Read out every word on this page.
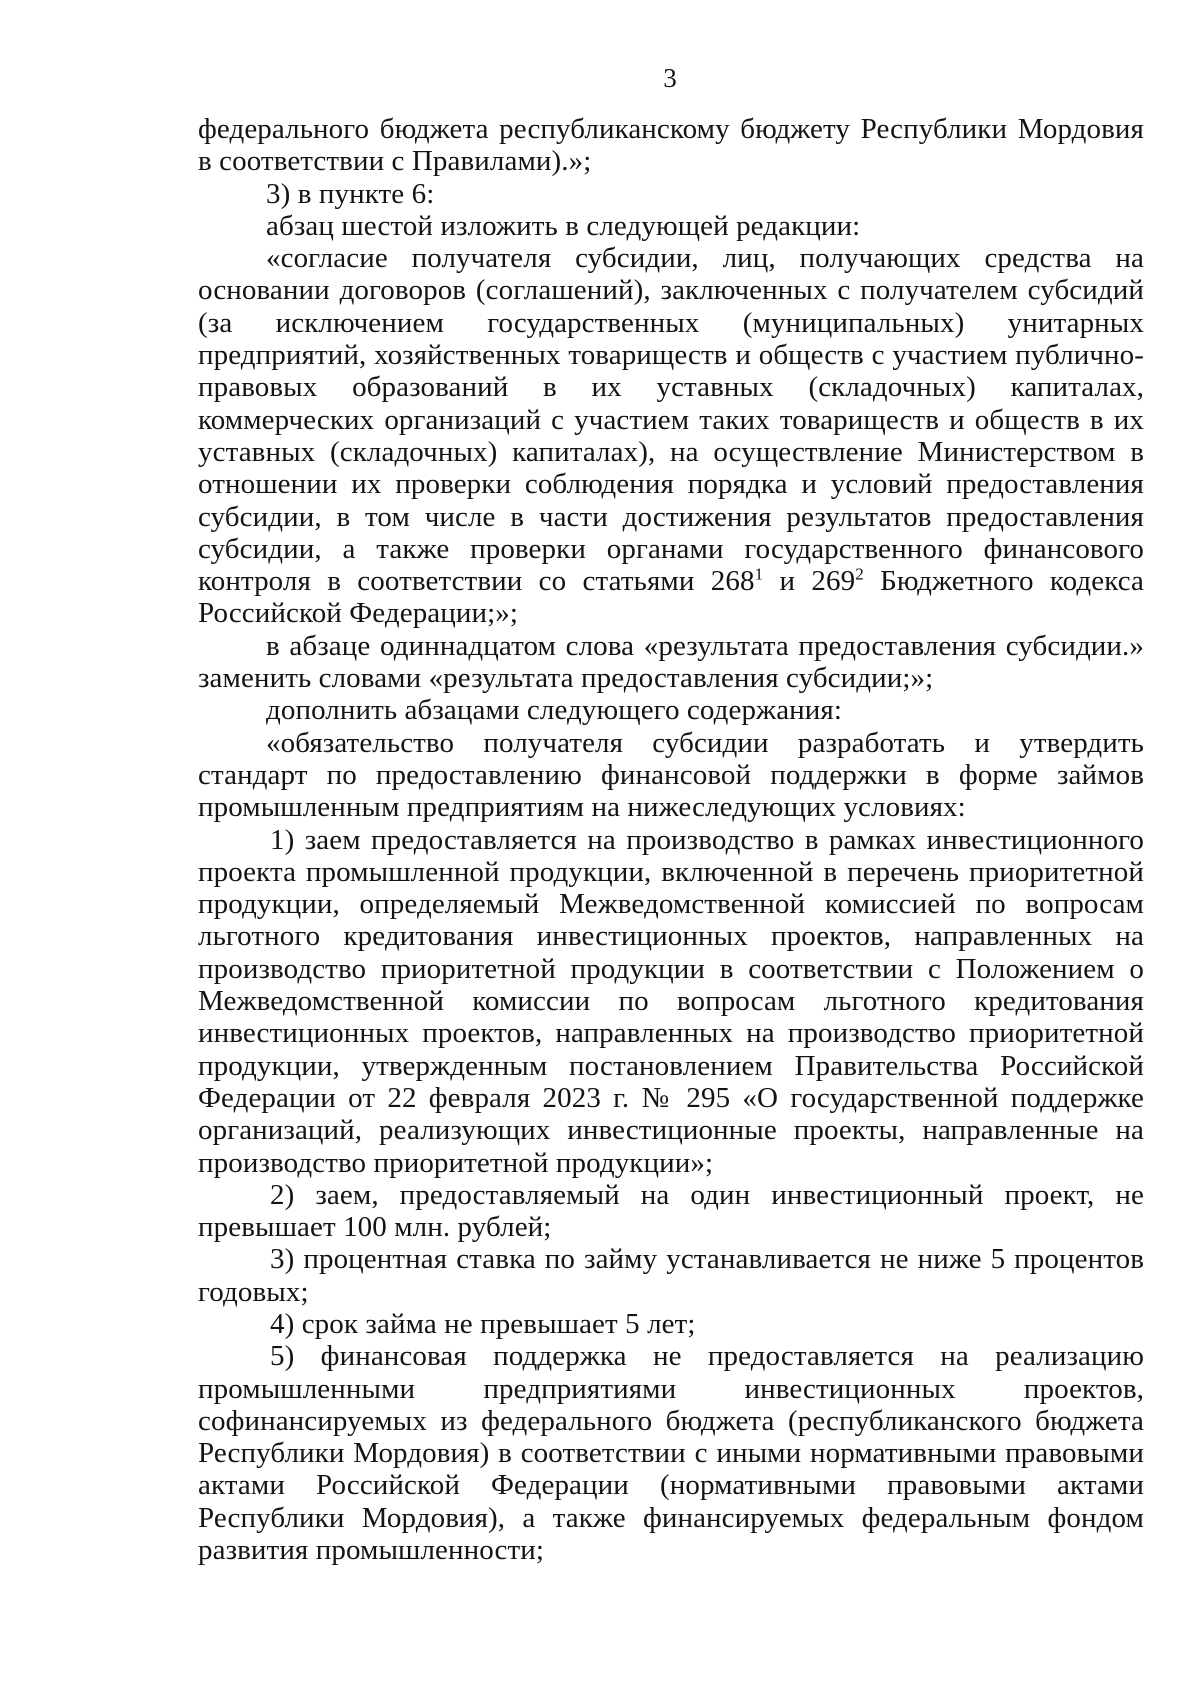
3

федерального бюджета республиканскому бюджету Республики Мордовия в соответствии с Правилами).»;

3) в пункте 6:

абзац шестой изложить в следующей редакции:

«согласие получателя субсидии, лиц, получающих средства на основании договоров (соглашений), заключенных с получателем субсидий (за исключением государственных (муниципальных) унитарных предприятий, хозяйственных товариществ и обществ с участием публично-правовых образований в их уставных (складочных) капиталах, коммерческих организаций с участием таких товариществ и обществ в их уставных (складочных) капиталах), на осуществление Министерством в отношении их проверки соблюдения порядка и условий предоставления субсидии, в том числе в части достижения результатов предоставления субсидии, а также проверки органами государственного финансового контроля в соответствии со статьями $268^1$ и $269^2$ Бюджетного кодекса Российской Федерации;»;

в абзаце одиннадцатом слова «результата предоставления субсидии.» заменить словами «результата предоставления субсидии;»;

дополнить абзацами следующего содержания:

«обязательство получателя субсидии разработать и утвердить стандарт по предоставлению финансовой поддержки в форме займов промышленным предприятиям на нижеследующих условиях:

1) заем предоставляется на производство в рамках инвестиционного проекта промышленной продукции, включенной в перечень приоритетной продукции, определяемый Межведомственной комиссией по вопросам льготного кредитования инвестиционных проектов, направленных на производство приоритетной продукции в соответствии с Положением о Межведомственной комиссии по вопросам льготного кредитования инвестиционных проектов, направленных на производство приоритетной продукции, утвержденным постановлением Правительства Российской Федерации от 22 февраля 2023 г. № 295 «О государственной поддержке организаций, реализующих инвестиционные проекты, направленные на производство приоритетной продукции»;

2) заем, предоставляемый на один инвестиционный проект, не превышает 100 млн. рублей;

3) процентная ставка по займу устанавливается не ниже 5 процентов годовых;

4) срок займа не превышает 5 лет;

5) финансовая поддержка не предоставляется на реализацию промышленными предприятиями инвестиционных проектов, софинансируемых из федерального бюджета (республиканского бюджета Республики Мордовия) в соответствии с иными нормативными правовыми актами Российской Федерации (нормативными правовыми актами Республики Мордовия), а также финансируемых федеральным фондом развития промышленности;
